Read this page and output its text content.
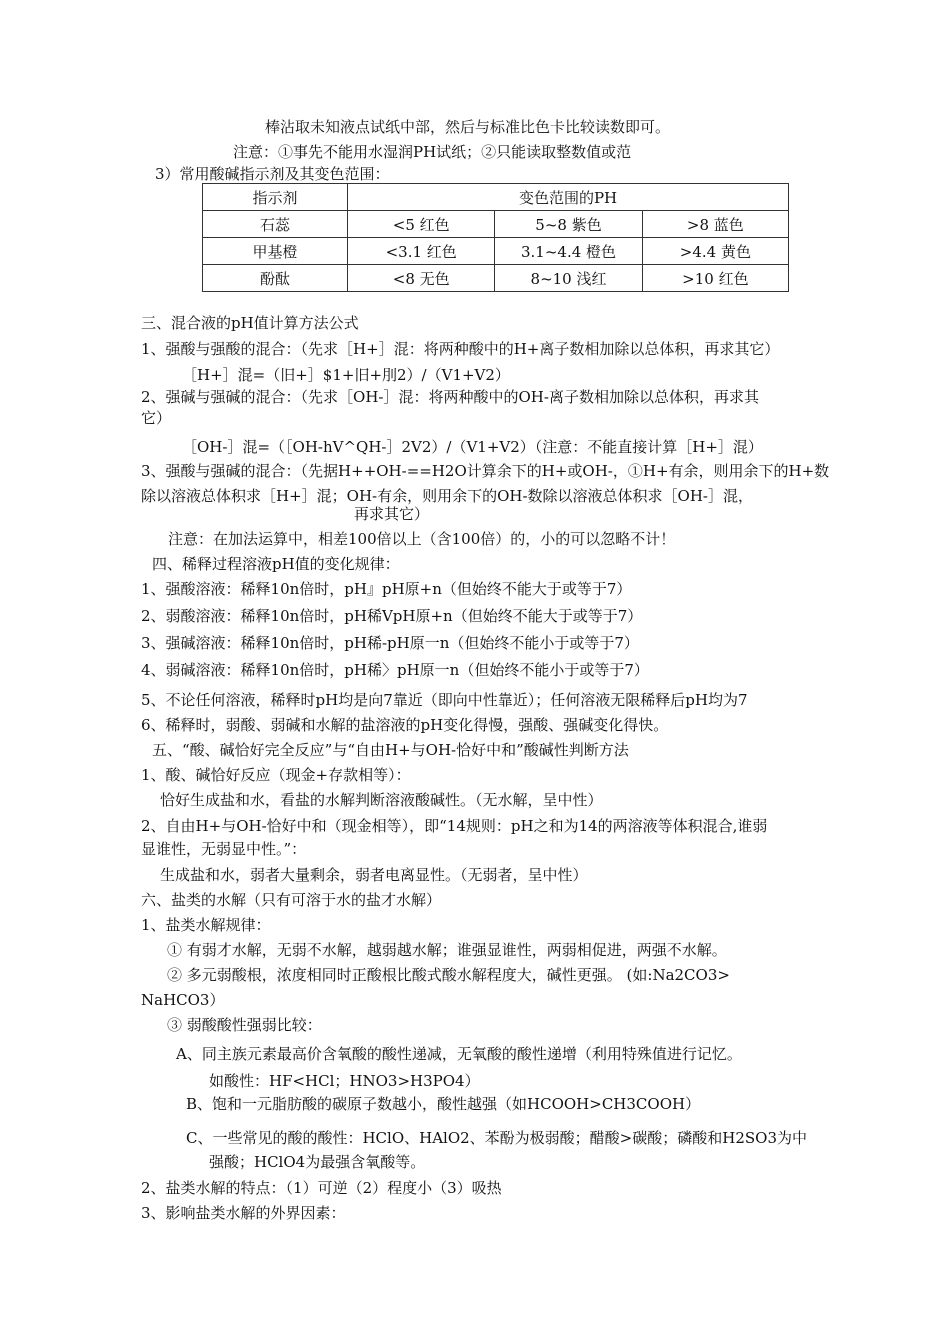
棒沾取未知液点试纸中部，然后与标准比色卡比较读数即可。
注意：①事先不能用水湿润PH试纸；②只能读取整数值或范
3）常用酸碱指示剂及其变色范围：
指示剂	变色范围的PH		
石蕊	<5 红色	5~8 紫色	>8 蓝色
甲基橙	<3.1 红色	3.1~4.4 橙色	>4.4 黄色
酚酞	<8 无色	8~10 浅红	>10 红色
三、混合液的pH值计算方法公式
1、强酸与强酸的混合：（先求［H+］混：将两种酸中的H+离子数相加除以总体积，再求其它）
［H+］混=（旧+］$1+旧+刖2）/（V1+V2）
2、强碱与强碱的混合：（先求［OH-］混：将两种酸中的OH-离子数相加除以总体积，再求其
它）
［OH-］混=（［OH-hV^QH-］2V2）/（V1+V2）（注意：不能直接计算［H+］混）
3、强酸与强碱的混合：（先据H++OH-==H2O计算余下的H+或OH-，①H+有余，则用余下的H+数
除以溶液总体积求［H+］混；OH-有余，则用余下的OH-数除以溶液总体积求［OH-］混，
再求其它）
注意：在加法运算中，相差100倍以上（含100倍）的，小的可以忽略不计！
四、稀释过程溶液pH值的变化规律：
1、强酸溶液：稀释10n倍时，pH』pH原+n（但始终不能大于或等于7）
2、弱酸溶液：稀释10n倍时，pH稀VpH原+n（但始终不能大于或等于7）
3、强碱溶液：稀释10n倍时，pH稀-pH原一n（但始终不能小于或等于7）
4、弱碱溶液：稀释10n倍时，pH稀〉pH原一n（但始终不能小于或等于7）
5、不论任何溶液，稀释时pH均是向7靠近（即向中性靠近）；任何溶液无限稀释后pH均为7
6、稀释时，弱酸、弱碱和水解的盐溶液的pH变化得慢，强酸、强碱变化得快。
五、“酸、碱恰好完全反应”与“自由H+与OH-恰好中和”酸碱性判断方法
1、酸、碱恰好反应（现金+存款相等）：
恰好生成盐和水，看盐的水解判断溶液酸碱性。（无水解，呈中性）
2、自由H+与OH-恰好中和（现金相等），即“14规则：pH之和为14的两溶液等体积混合,谁弱
显谁性，无弱显中性。”：
生成盐和水，弱者大量剩余，弱者电离显性。（无弱者，呈中性）
六、盐类的水解（只有可溶于水的盐才水解）
1、盐类水解规律：
① 有弱才水解，无弱不水解，越弱越水解；谁强显谁性，两弱相促进，两强不水解。
② 多元弱酸根，浓度相同时正酸根比酸式酸水解程度大，碱性更强。 (如:Na2CO3>
NaHCO3）
③ 弱酸酸性强弱比较：
A、同主族元素最高价含氧酸的酸性递减，无氧酸的酸性递增（利用特殊值进行记忆。
如酸性：HF<HCl；HNO3>H3PO4）
B、饱和一元脂肪酸的碳原子数越小，酸性越强（如HCOOH>CH3COOH）
C、一些常见的酸的酸性：HClO、HAlO2、苯酚为极弱酸；醋酸>碳酸；磷酸和H2SO3为中
强酸；HClO4为最强含氧酸等。
2、盐类水解的特点：（1）可逆（2）程度小（3）吸热
3、影响盐类水解的外界因素：
